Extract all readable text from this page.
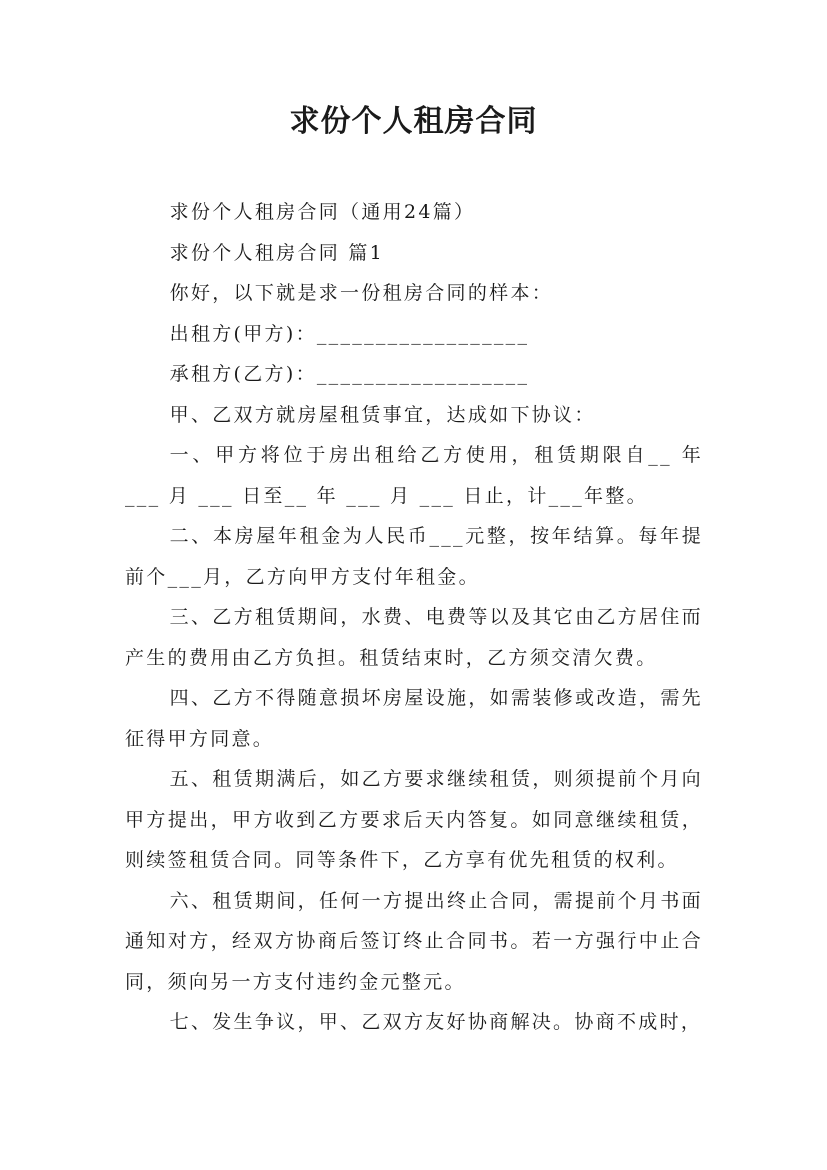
求份个人租房合同

求份个人租房合同（通用24篇）

求份个人租房合同 篇1

你好，以下就是求一份租房合同的样本：

出租方(甲方)：__________________

承租方(乙方)：__________________

甲、乙双方就房屋租赁事宜，达成如下协议：

一、甲方将位于房出租给乙方使用，租赁期限自__ 年___ 月 ___ 日至__ 年 ___ 月 ___ 日止，计___年整。

二、本房屋年租金为人民币___元整，按年结算。每年提前个___月，乙方向甲方支付年租金。

三、乙方租赁期间，水费、电费等以及其它由乙方居住而产生的费用由乙方负担。租赁结束时，乙方须交清欠费。

四、乙方不得随意损坏房屋设施，如需装修或改造，需先征得甲方同意。

五、租赁期满后，如乙方要求继续租赁，则须提前个月向甲方提出，甲方收到乙方要求后天内答复。如同意继续租赁，则续签租赁合同。同等条件下，乙方享有优先租赁的权利。

六、租赁期间，任何一方提出终止合同，需提前个月书面通知对方，经双方协商后签订终止合同书。若一方强行中止合同，须向另一方支付违约金元整元。

七、发生争议，甲、乙双方友好协商解决。协商不成时，
